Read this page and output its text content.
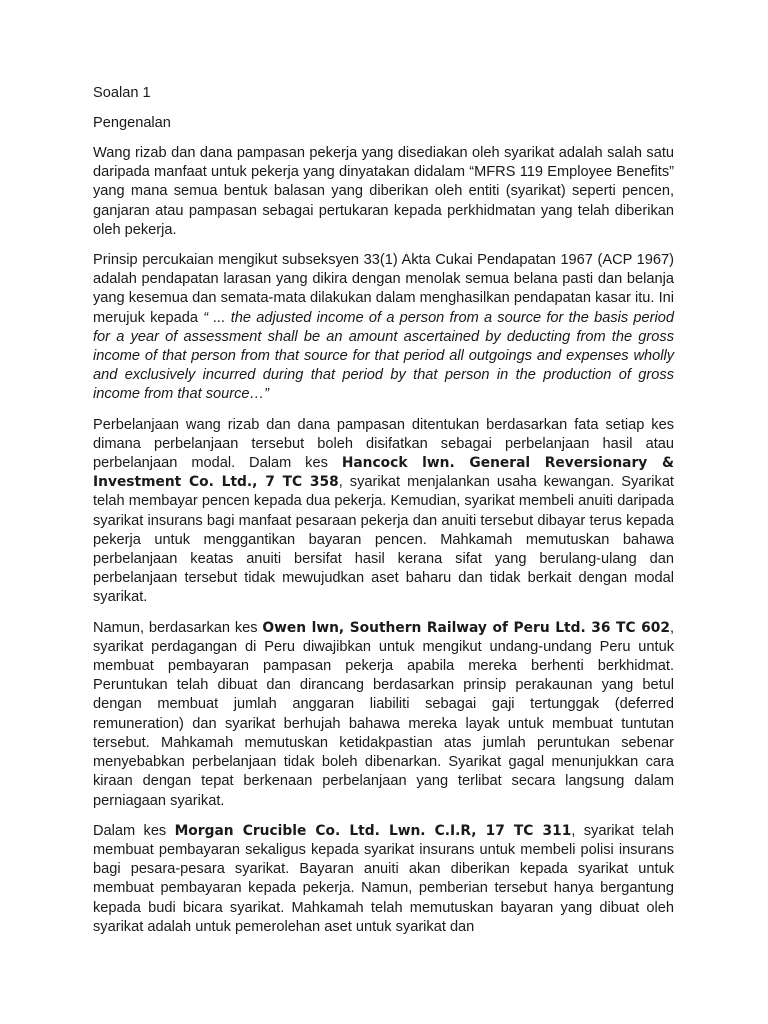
Soalan 1
Pengenalan

Wang rizab dan dana pampasan pekerja yang disediakan oleh syarikat adalah salah satu daripada manfaat untuk pekerja yang dinyatakan didalam “MFRS 119 Employee Benefits” yang mana semua bentuk balasan yang diberikan oleh entiti (syarikat) seperti pencen, ganjaran atau pampasan sebagai pertukaran kepada perkhidmatan yang telah diberikan oleh pekerja.

Prinsip percukaian mengikut subseksyen 33(1) Akta Cukai Pendapatan 1967 (ACP 1967) adalah pendapatan larasan yang dikira dengan menolak semua belana pasti dan belanja yang kesemua dan semata-mata dilakukan dalam menghasilkan pendapatan kasar itu. Ini merujuk kepada “ ... the adjusted income of a person from a source for the basis period for a year of assessment shall be an amount ascertained by deducting from the gross income of that person from that source for that period all outgoings and expenses wholly and exclusively incurred during that period by that person in the production of gross income from that source…”

Perbelanjaan wang rizab dan dana pampasan ditentukan berdasarkan fata setiap kes dimana perbelanjaan tersebut boleh disifatkan sebagai perbelanjaan hasil atau perbelanjaan modal. Dalam kes Hancock lwn. General Reversionary & Investment Co. Ltd., 7 TC 358, syarikat menjalankan usaha kewangan. Syarikat telah membayar pencen kepada dua pekerja. Kemudian, syarikat membeli anuiti daripada syarikat insurans bagi manfaat pesaraan pekerja dan anuiti tersebut dibayar terus kepada pekerja untuk menggantikan bayaran pencen. Mahkamah memutuskan bahawa perbelanjaan keatas anuiti bersifat hasil kerana sifat yang berulang-ulang dan perbelanjaan tersebut tidak mewujudkan aset baharu dan tidak berkait dengan modal syarikat.

Namun, berdasarkan kes Owen lwn, Southern Railway of Peru Ltd. 36 TC 602, syarikat perdagangan di Peru diwajibkan untuk mengikut undang-undang Peru untuk membuat pembayaran pampasan pekerja apabila mereka berhenti berkhidmat. Peruntukan telah dibuat dan dirancang berdasarkan prinsip perakaunan yang betul dengan membuat jumlah anggaran liabiliti sebagai gaji tertunggak (deferred remuneration) dan syarikat berhujah bahawa mereka layak untuk membuat tuntutan tersebut. Mahkamah memutuskan ketidakpastian atas jumlah peruntukan sebenar menyebabkan perbelanjaan tidak boleh dibenarkan. Syarikat gagal menunjukkan cara kiraan dengan tepat berkenaan perbelanjaan yang terlibat secara langsung dalam perniagaan syarikat.

Dalam kes Morgan Crucible Co. Ltd. Lwn. C.I.R, 17 TC 311, syarikat telah membuat pembayaran sekaligus kepada syarikat insurans untuk membeli polisi insurans bagi pesara-pesara syarikat. Bayaran anuiti akan diberikan kepada syarikat untuk membuat pembayaran kepada pekerja. Namun, pemberian tersebut hanya bergantung kepada budi bicara syarikat. Mahkamah telah memutuskan bayaran yang dibuat oleh syarikat adalah untuk pemerolehan aset untuk syarikat dan
